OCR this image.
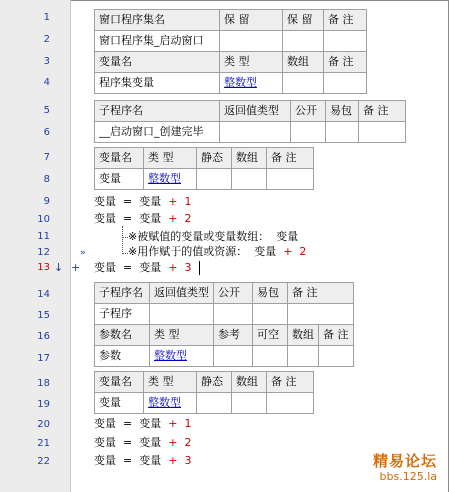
1
2
3
4
5
6
7
8
9
10
11
12
13
14
15
16
17
18
19
20
21
22
»
↓ +
窗口程序集名	保 留	保 留	备 注
窗口程序集_启动窗口			
变量名	类 型	数组	备 注
程序集变量	整数型		
子程序名	返回值类型	公开	易包	备 注
__启动窗口_创建完毕				
变量名	类 型	静态	数组	备 注
变量	整数型			
变量 = 变量 + 1
变量 = 变量 + 2
※被赋值的变量或变量数组：  变量
※用作赋于的值或资源：  变量  + 2
变量 = 变量 + 3
子程序名	返回值类型	公开	易包	备 注	
子程序					
参数名	类 型	参考	可空	数组	备 注
参数	整数型				
变量名	类 型	静态	数组	备 注
变量	整数型			
变量 = 变量 + 1
变量 = 变量 + 2
变量 = 变量 + 3	精易论坛
bbs.125.la
